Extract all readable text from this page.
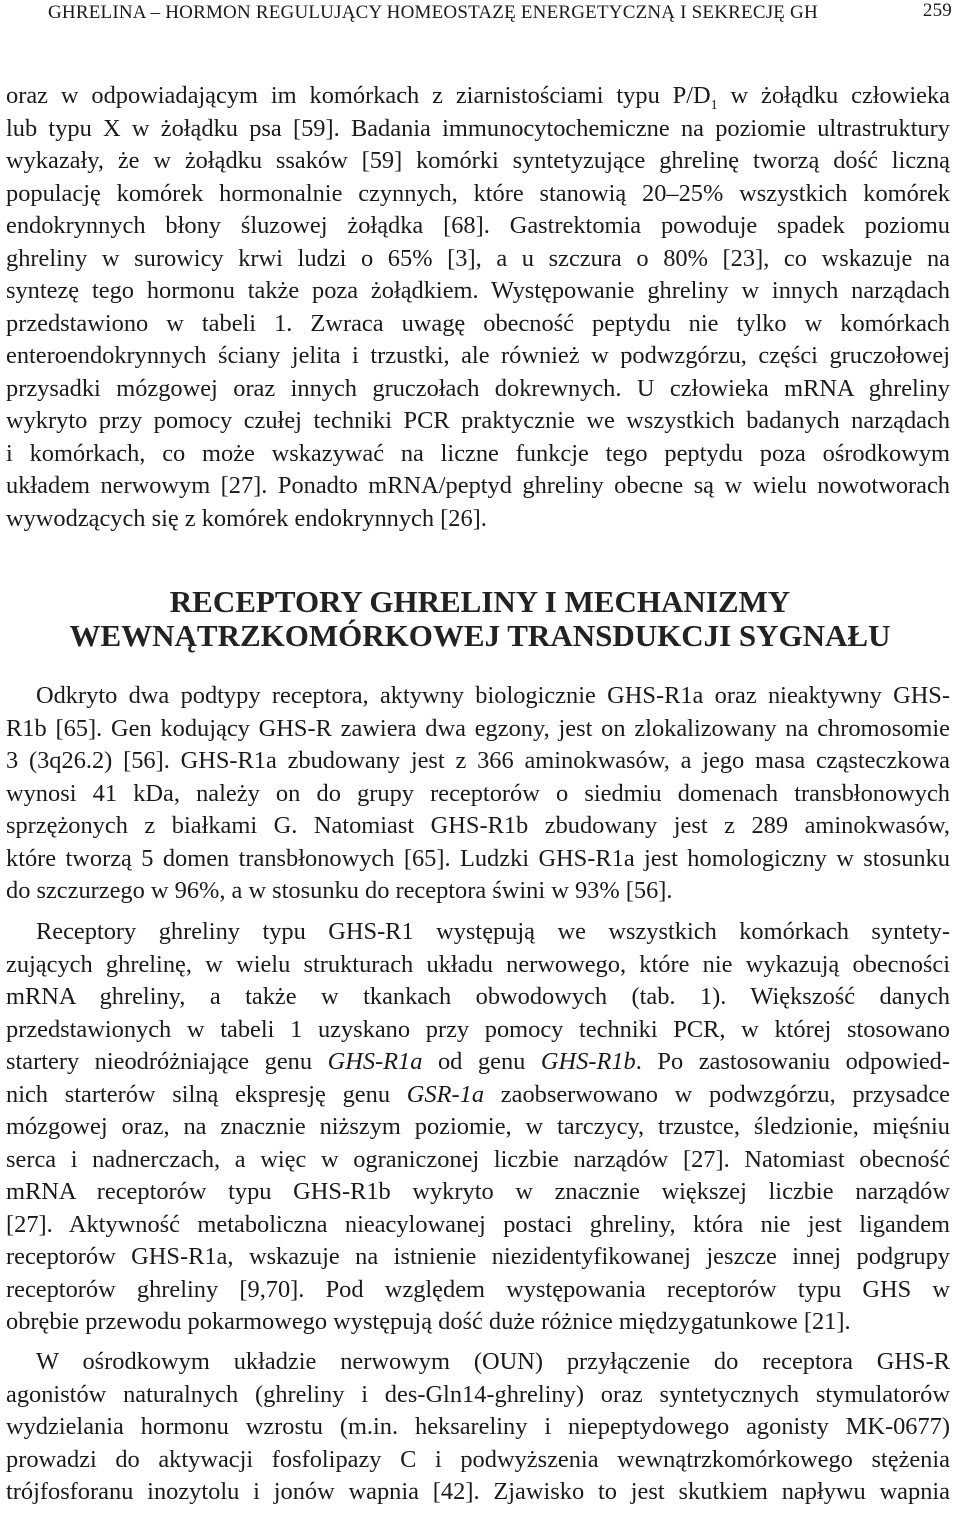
GHRELINA – HORMON REGULUJĄCY HOMEOSTAZĘ ENERGETYCZNĄ I SEKRECJĘ GH	259
oraz w odpowiadającym im komórkach z ziarnistościami typu $P/D_1$ w żołądku człowieka
lub typu X w żołądku psa [59]. Badania immunocytochemiczne na poziomie ultrastruktury
wykazały, że w żołądku ssaków [59] komórki syntetyzujące ghrelinę tworzą dość liczną
populację komórek hormonalnie czynnych, które stanowią 20–25% wszystkich komórek
endokrynnych błony śluzowej żołądka [68]. Gastrektomia powoduje spadek poziomu
ghreliny w surowicy krwi ludzi o 65% [3], a u szczura o 80% [23], co wskazuje na
syntezę tego hormonu także poza żołądkiem. Występowanie ghreliny w innych narządach
przedstawiono w tabeli 1. Zwraca uwagę obecność peptydu nie tylko w komórkach
enteroendokrynnych ściany jelita i trzustki, ale również w podwzgórzu, części gruczołowej
przysadki mózgowej oraz innych gruczołach dokrewnych. U człowieka mRNA ghreliny
wykryto przy pomocy czułej techniki PCR praktycznie we wszystkich badanych narządach
i komórkach, co może wskazywać na liczne funkcje tego peptydu poza ośrodkowym
układem nerwowym [27]. Ponadto mRNA/peptyd ghreliny obecne są w wielu nowotworach
wywodzących się z komórek endokrynnych [26].
RECEPTORY GHRELINY I MECHANIZMY
WEWNĄTRZKOMÓRKOWEJ TRANSDUKCJI SYGNAŁU
Odkryto dwa podtypy receptora, aktywny biologicznie GHS-R1a oraz nieaktywny GHS-
R1b [65]. Gen kodujący GHS-R zawiera dwa egzony, jest on zlokalizowany na chromosomie
3 (3q26.2) [56]. GHS-R1a zbudowany jest z 366 aminokwasów, a jego masa cząsteczkowa
wynosi 41 kDa, należy on do grupy receptorów o siedmiu domenach transbłonowych
sprzężonych z białkami G. Natomiast GHS-R1b zbudowany jest z 289 aminokwasów,
które tworzą 5 domen transbłonowych [65]. Ludzki GHS-R1a jest homologiczny w stosunku
do szczurzego w 96%, a w stosunku do receptora świni w 93% [56].
Receptory ghreliny typu GHS-R1 występują we wszystkich komórkach syntety-
zujących ghrelinę, w wielu strukturach układu nerwowego, które nie wykazują obecności
mRNA ghreliny, a także w tkankach obwodowych (tab. 1). Większość danych
przedstawionych w tabeli 1 uzyskano przy pomocy techniki PCR, w której stosowano
startery nieodróżniające genu GHS-R1a od genu GHS-R1b. Po zastosowaniu odpowied-
nich starterów silną ekspresję genu GSR-1a zaobserwowano w podwzgórzu, przysadce
mózgowej oraz, na znacznie niższym poziomie, w tarczycy, trzustce, śledzionie, mięśniu
serca i nadnerczach, a więc w ograniczonej liczbie narządów [27]. Natomiast obecność
mRNA receptorów typu GHS-R1b wykryto w znacznie większej liczbie narządów
[27]. Aktywność metaboliczna nieacylowanej postaci ghreliny, która nie jest ligandem
receptorów GHS-R1a, wskazuje na istnienie niezidentyfikowanej jeszcze innej podgrupy
receptorów ghreliny [9,70]. Pod względem występowania receptorów typu GHS w
obrębie przewodu pokarmowego występują dość duże różnice międzygatunkowe [21].
W ośrodkowym układzie nerwowym (OUN) przyłączenie do receptora GHS-R
agonistów naturalnych (ghreliny i des-Gln14-ghreliny) oraz syntetycznych stymulatorów
wydzielania hormonu wzrostu (m.in. heksareliny i niepeptydowego agonisty MK-0677)
prowadzi do aktywacji fosfolipazy C i podwyższenia wewnątrzkomórkowego stężenia
trójfosforanu inozytolu i jonów wapnia [42]. Zjawisko to jest skutkiem napływu wapnia
